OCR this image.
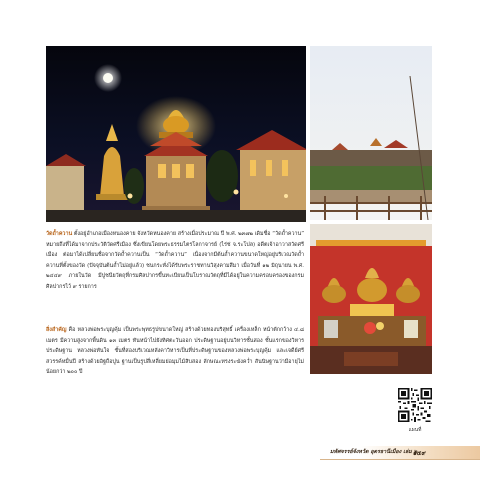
วัดถ้ำควาน ตั้งอยู่อำเภอเมืองหนองคาย จังหวัดหนองคาย สร้างเมื่อประมาณ ปี พ.ศ. ๒๓๗๒ เดิมชื่อ “วัดถ้ำควาน” หมายถึงที่ได้มาจากประวัติวัดศรีเมือง ซึ่งเขียนโดยพระธรรมไตรโลกาจารย์ (ไร่ช่ จ.ระโปล) อดีตเจ้าอาวาสวัดศรีเมือง ต่อมาได้เปลี่ยนชื่อจากวัดถ้ำควานเป็น “วัดถ้ำควาน” เนื่องจากมีต้นถ้ำควานขนาดใหญ่อยู่บริเวณวัดถ้ำควานที่ตั้งของวัด (ปัจจุบันต้นถ้ำไม่อยู่แล้ว) ชนกระทั่งได้รับพระราชทานวิสุงคามสีมา เมื่อวันที่ ๑๒ มิถุนายน พ.ศ. ๒๔๔๙ ภายในวัด มีปูชนียวัตถุที่กรมศิลปากรขึ้นทะเบียนเป็นโบราณวัตถุที่มีได้อยู่ในความครอบครองของกรมศิลปากรไว้ ๙ รายการ

สิ่งสำคัญ คือ หลวงพ่อพระบุญคุ้ม เป็นพระพุทธรูปขนาดใหญ่ สร้างด้วยทองบริสุทธิ์ เครื่องเหล็ก หน้าตักกว้าง ๔.๘ เมตร มีความสูงจากพื้นดิน ๑๓ เมตร ทันหน้าไปยังทิศตะวันออก ประดิษฐานอยู่บนวิหารชั้นสอง ชั้นแรกของวิหารประดิษฐาน หลวงพ่อทันใจ ชั้นที่สองบริเวณหลังคาวิหารเป็นที่ประดิษฐานของหลวงพ่อพระบุญคุ้ม และเจดีย์ศรีสวรรค์หมื่นปี สร้างด้วยอิฐถือปูน ฐานเป็นรูปสี่เหลี่ยมย่อมุมไม้สิบสอง ลักษณะทรงระฆังคว่ำ สันนิษฐานว่ามีอายุไม่น้อยกว่า ๒๐๐ ปี

แผนที่
มหัศจรรย์จังหวัด อุดรธานีเมือง เล่ม ๒
๑๕๙
